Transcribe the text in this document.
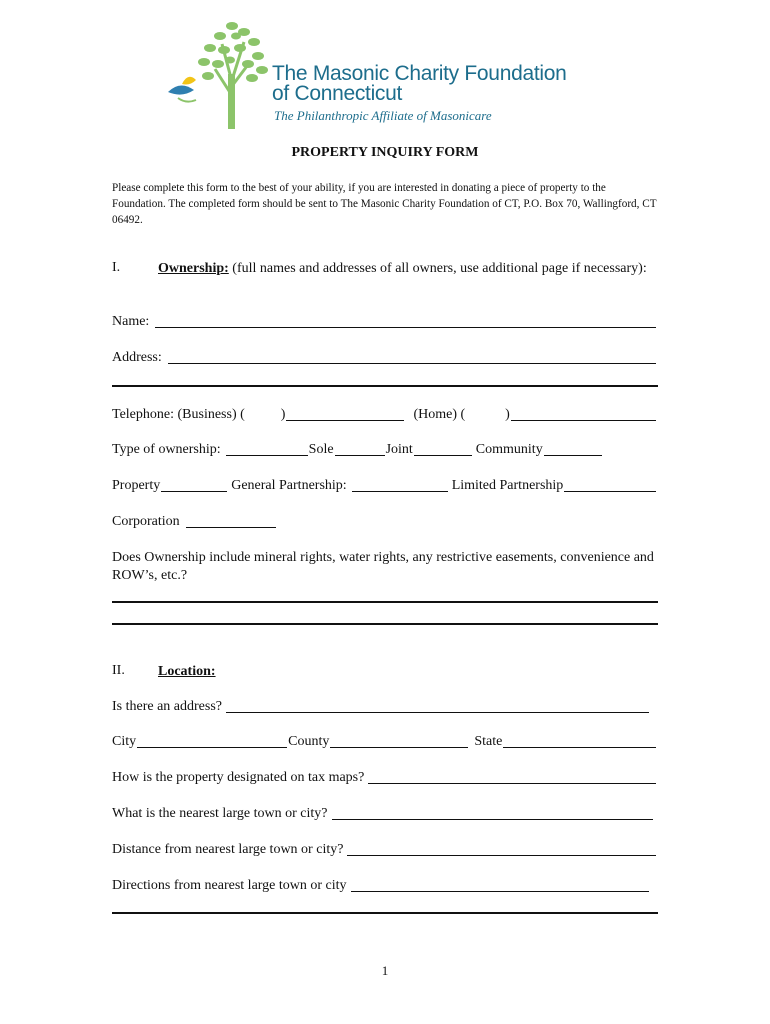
The Masonic Charity Foundation
of Connecticut
The Philanthropic Affiliate of Masonicare
PROPERTY INQUIRY FORM
Please complete this form to the best of your ability, if you are interested in donating a piece of property to the Foundation. The completed form should be sent to The Masonic Charity Foundation of CT, P.O. Box 70, Wallingford, CT 06492.
I.	Ownership: (full names and addresses of all owners, use additional page if necessary):
Name:
Address:
Telephone: (Business) (	)	(Home) (	)
Type of ownership:	Sole	Joint	Community
Property	General Partnership:	Limited Partnership
Corporation
Does Ownership include mineral rights, water rights, any restrictive easements, convenience and ROW’s, etc.?
II. Location:
Is there an address?
City	County	State
How is the property designated on tax maps?
What is the nearest large town or city?
Distance from nearest large town or city?
Directions from nearest large town or city
1
